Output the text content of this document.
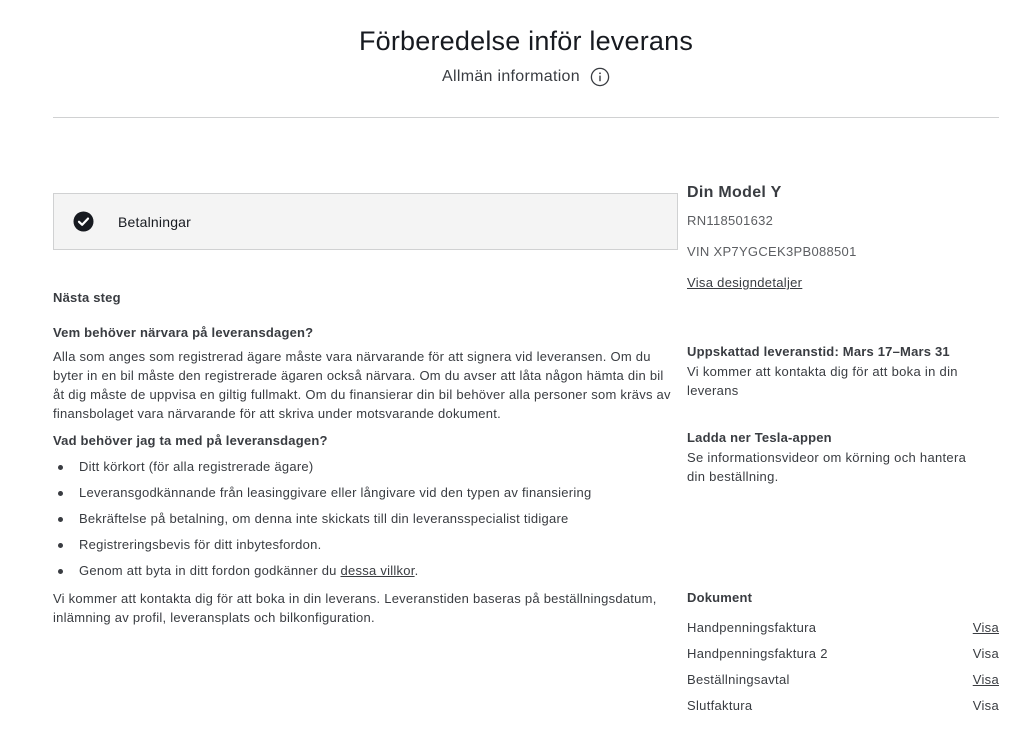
Förberedelse inför leverans
Allmän information
Betalningar
Nästa steg
Vem behöver närvara på leveransdagen?

Alla som anges som registrerad ägare måste vara närvarande för att signera vid leveransen. Om du byter in en bil måste den registrerade ägaren också närvara. Om du avser att låta någon hämta din bil åt dig måste de uppvisa en giltig fullmakt. Om du finansierar din bil behöver alla personer som krävs av finansbolaget vara närvarande för att skriva under motsvarande dokument.

Vad behöver jag ta med på leveransdagen?
Ditt körkort (för alla registrerade ägare)
Leveransgodkännande från leasinggivare eller långivare vid den typen av finansiering
Bekräftelse på betalning, om denna inte skickats till din leveransspecialist tidigare
Registreringsbevis för ditt inbytesfordon.
Genom att byta in ditt fordon godkänner du dessa villkor.

Vi kommer att kontakta dig för att boka in din leverans. Leveranstiden baseras på beställningsdatum, inlämning av profil, leveransplats och bilkonfiguration.

Din Model Y
RN118501632
VIN XP7YGCEK3PB088501
Visa designdetaljer
Uppskattad leveranstid: Mars 17–Mars 31
Vi kommer att kontakta dig för att boka in din leverans
Ladda ner Tesla-appen
Se informationsvideor om körning och hantera din beställning.
Dokument
Handpenningsfaktura	Visa
Handpenningsfaktura 2	Visa
Beställningsavtal	Visa
Slutfaktura	Visa
